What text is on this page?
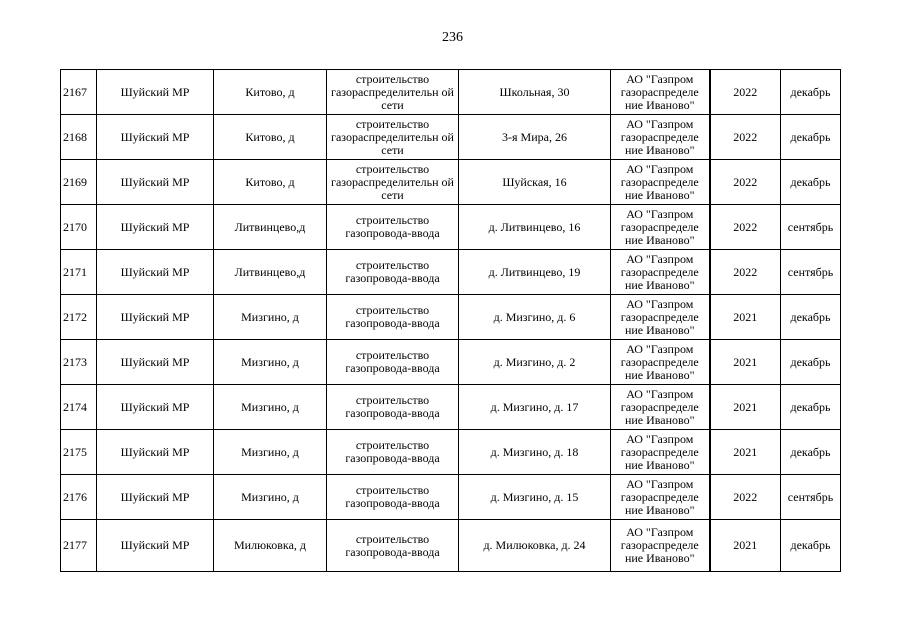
236
2167	Шуйский МР	Китово, д	строительство газораспределительн ой сети	Школьная, 30	АО "Газпром газораспределе ние Иваново"	2022	декабрь
2168	Шуйский МР	Китово, д	строительство газораспределительн ой сети	3-я Мира, 26	АО "Газпром газораспределе ние Иваново"	2022	декабрь
2169	Шуйский МР	Китово, д	строительство газораспределительн ой сети	Шуйская, 16	АО "Газпром газораспределе ние Иваново"	2022	декабрь
2170	Шуйский МР	Литвинцево,д	строительство газопровода-ввода	д. Литвинцево, 16	АО "Газпром газораспределе ние Иваново"	2022	сентябрь
2171	Шуйский МР	Литвинцево,д	строительство газопровода-ввода	д. Литвинцево, 19	АО "Газпром газораспределе ние Иваново"	2022	сентябрь
2172	Шуйский МР	Мизгино, д	строительство газопровода-ввода	д. Мизгино, д. 6	АО "Газпром газораспределе ние Иваново"	2021	декабрь
2173	Шуйский МР	Мизгино, д	строительство газопровода-ввода	д. Мизгино, д. 2	АО "Газпром газораспределе ние Иваново"	2021	декабрь
2174	Шуйский МР	Мизгино, д	строительство газопровода-ввода	д. Мизгино, д. 17	АО "Газпром газораспределе ние Иваново"	2021	декабрь
2175	Шуйский МР	Мизгино, д	строительство газопровода-ввода	д. Мизгино, д. 18	АО "Газпром газораспределе ние Иваново"	2021	декабрь
2176	Шуйский МР	Мизгино, д	строительство газопровода-ввода	д. Мизгино, д. 15	АО "Газпром газораспределе ние Иваново"	2022	сентябрь
2177	Шуйский МР	Милюковка, д	строительство газопровода-ввода	д. Милюковка, д. 24	АО "Газпром газораспределе ние Иваново"	2021	декабрь
